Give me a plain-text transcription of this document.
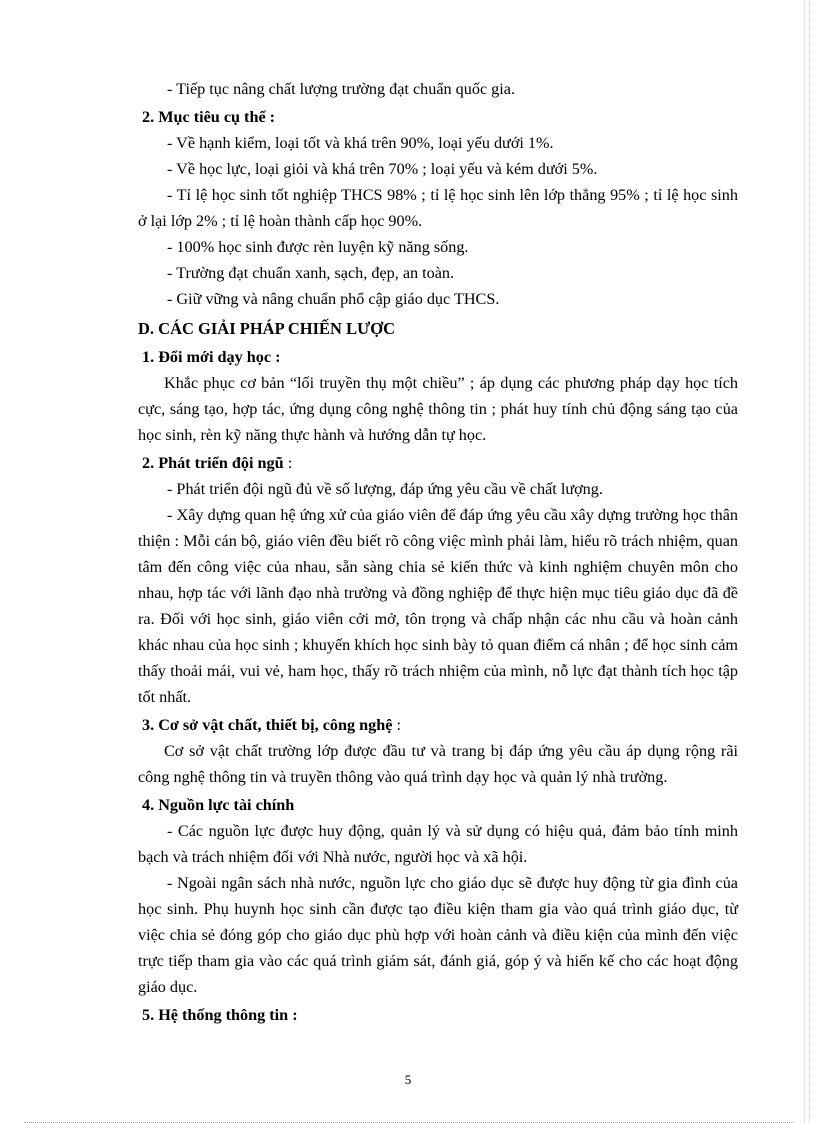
- Tiếp tục nâng chất lượng trường đạt chuẩn quốc gia.

2. Mục tiêu cụ thể :

- Về hạnh kiểm, loại tốt và khá trên 90%, loại yếu dưới 1%.

- Về học lực, loại giỏi và khá trên 70% ; loại yếu và kém dưới 5%.

- Tỉ lệ học sinh tốt nghiệp THCS 98% ; tỉ lệ học sinh lên lớp thẳng 95% ; tỉ lệ học sinh ở lại lớp 2% ; tỉ lệ hoàn thành cấp học 90%.

- 100% học sinh được rèn luyện kỹ năng sống.

- Trường đạt chuẩn xanh, sạch, đẹp, an toàn.

- Giữ vững và nâng chuẩn phổ cập giáo dục THCS.

D. CÁC GIẢI PHÁP CHIẾN LƯỢC

1. Đổi mới dạy học :

Khắc phục cơ bản “lối truyền thụ một chiều” ; áp dụng các phương pháp dạy học tích cực, sáng tạo, hợp tác, ứng dụng công nghệ thông tin ; phát huy tính chủ động sáng tạo của học sinh, rèn kỹ năng thực hành và hướng dẫn tự học.

2. Phát triển đội ngũ :

- Phát triển đội ngũ đủ về số lượng, đáp ứng yêu cầu về chất lượng.

- Xây dựng quan hệ ứng xử của giáo viên để đáp ứng yêu cầu xây dựng trường học thân thiện : Mỗi cán bộ, giáo viên đều biết rõ công việc mình phải làm, hiểu rõ trách nhiệm, quan tâm đến công việc của nhau, sẵn sàng chia sẻ kiến thức và kinh nghiệm chuyên môn cho nhau, hợp tác với lãnh đạo nhà trường và đồng nghiệp để thực hiện mục tiêu giáo dục đã đề ra. Đối với học sinh, giáo viên cởi mở, tôn trọng và chấp nhận các nhu cầu và hoàn cảnh khác nhau của học sinh ; khuyến khích học sinh bày tỏ quan điểm cá nhân ; để học sinh cảm thấy thoải mái, vui vẻ, ham học, thấy rõ trách nhiệm của mình, nỗ lực đạt thành tích học tập tốt nhất.

3. Cơ sở vật chất, thiết bị, công nghệ :

Cơ sở vật chất trường lớp được đầu tư và trang bị đáp ứng yêu cầu áp dụng rộng rãi công nghệ thông tin và truyền thông vào quá trình dạy học và quản lý nhà trường.

4. Nguồn lực tài chính

- Các nguồn lực được huy động, quản lý và sử dụng có hiệu quả, đảm bảo tính minh bạch và trách nhiệm đối với Nhà nước, người học và xã hội.

- Ngoài ngân sách nhà nước, nguồn lực cho giáo dục sẽ được huy động từ gia đình của học sinh. Phụ huynh học sinh cần được tạo điều kiện tham gia vào quá trình giáo dục, từ việc chia sẻ đóng góp cho giáo dục phù hợp với hoàn cảnh và điều kiện của mình đến việc trực tiếp tham gia vào các quá trình giám sát, đánh giá, góp ý và hiến kế cho các hoạt động giáo dục.

5. Hệ thống thông tin :

5
